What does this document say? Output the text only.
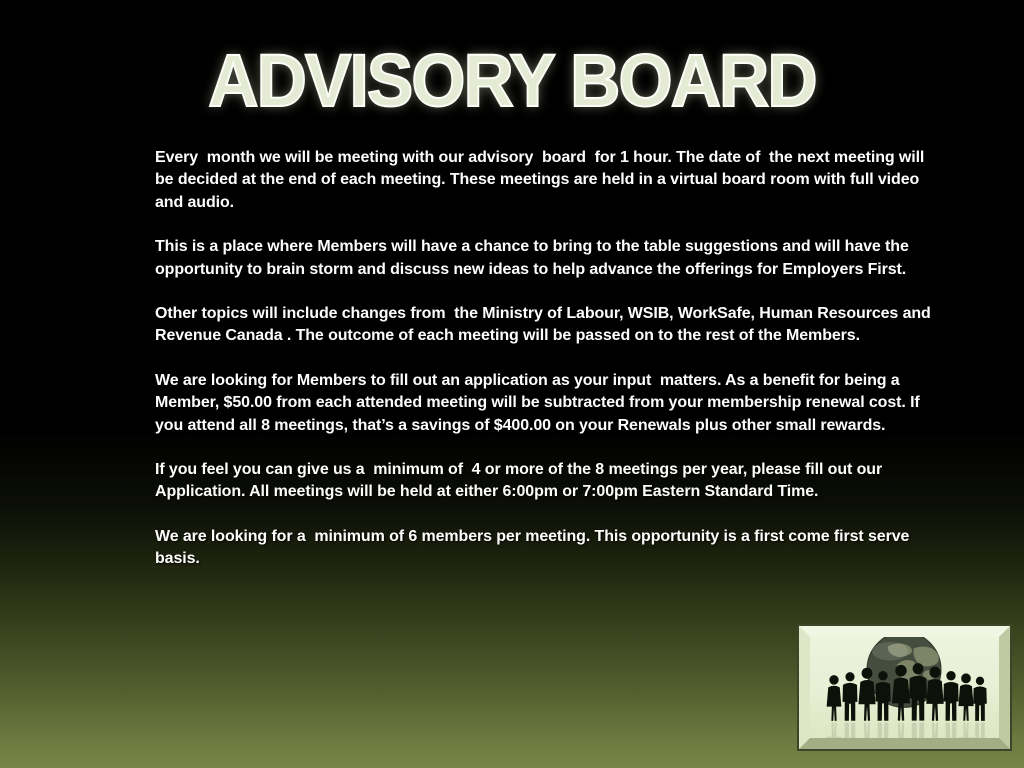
ADVISORY BOARD

Every  month we will be meeting with our advisory  board  for 1 hour. The date of  the next meeting will be decided at the end of each meeting. These meetings are held in a virtual board room with full video and audio.

This is a place where Members will have a chance to bring to the table suggestions and will have the opportunity to brain storm and discuss new ideas to help advance the offerings for Employers First.

Other topics will include changes from  the Ministry of Labour, WSIB, WorkSafe, Human Resources and  Revenue Canada . The outcome of each meeting will be passed on to the rest of the Members.

We are looking for Members to fill out an application as your input  matters. As a benefit for being a Member, $50.00 from each attended meeting will be subtracted from your membership renewal cost. If you attend all 8 meetings, that’s a savings of $400.00 on your Renewals plus other small rewards.

If you feel you can give us a  minimum of  4 or more of the 8 meetings per year, please fill out our Application. All meetings will be held at either 6:00pm or 7:00pm Eastern Standard Time.

We are looking for a  minimum of 6 members per meeting. This opportunity is a first come first serve basis.
